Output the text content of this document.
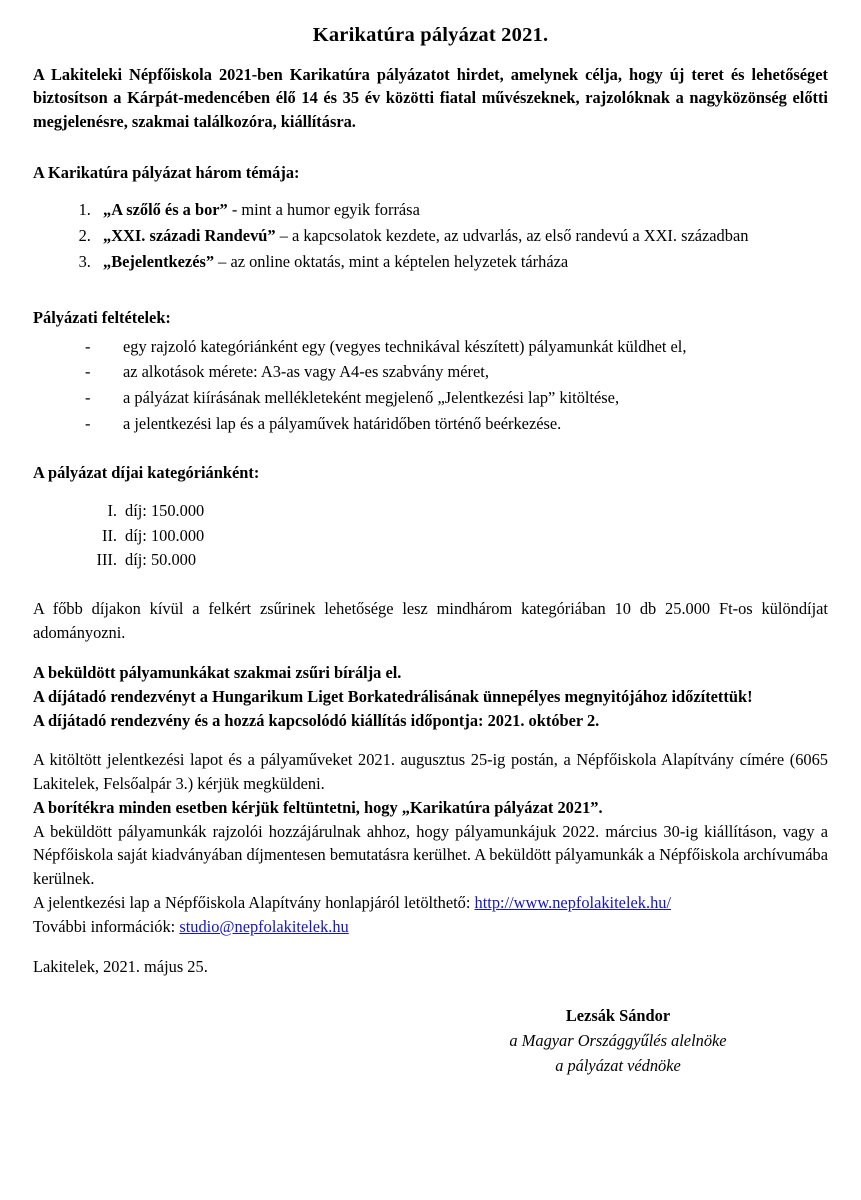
Karikatúra pályázat 2021.

A Lakiteleki Népfőiskola 2021-ben Karikatúra pályázatot hirdet, amelynek célja, hogy új teret és lehetőséget biztosítson a Kárpát-medencében élő 14 és 35 év közötti fiatal művészeknek, rajzolóknak a nagyközönség előtti megjelenésre, szakmai találkozóra, kiállításra.

A Karikatúra pályázat három témája:

1. „A szőlő és a bor” - mint a humor egyik forrása
2. „XXI. századi Randevú” – a kapcsolatok kezdete, az udvarlás, az első randevú a XXI. században
3. „Bejelentkezés” – az online oktatás, mint a képtelen helyzetek tárháza

Pályázati feltételek:

- egy rajzoló kategóriánként egy (vegyes technikával készített) pályamunkát küldhet el,
- az alkotások mérete: A3-as vagy A4-es szabvány méret,
- a pályázat kiírásának mellékleteként megjelenő „Jelentkezési lap” kitöltése,
- a jelentkezési lap és a pályaművek határidőben történő beérkezése.

A pályázat díjai kategóriánként:

I. díj: 150.000
II. díj: 100.000
III. díj: 50.000

A főbb díjakon kívül a felkért zsűrinek lehetősége lesz mindhárom kategóriában 10 db 25.000 Ft-os különdíjat adományozni.

A beküldött pályamunkákat szakmai zsűri bírálja el.

A díjátadó rendezvényt a Hungarikum Liget Borkatedrálisának ünnepélyes megnyitójához időzítettük!

A díjátadó rendezvény és a hozzá kapcsolódó kiállítás időpontja: 2021. október 2.

A kitöltött jelentkezési lapot és a pályaműveket 2021. augusztus 25-ig postán, a Népfőiskola Alapítvány címére (6065 Lakitelek, Felsőalpár 3.) kérjük megküldeni.

A borítékra minden esetben kérjük feltüntetni, hogy „Karikatúra pályázat 2021”.

A beküldött pályamunkák rajzolói hozzájárulnak ahhoz, hogy pályamunkájuk 2022. március 30-ig kiállításon, vagy a Népfőiskola saját kiadványában díjmentesen bemutatásra kerülhet. A beküldött pályamunkák a Népfőiskola archívumába kerülnek.

A jelentkezési lap a Népfőiskola Alapítvány honlapjáról letölthető: http://www.nepfolakitelek.hu/

További információk: studio@nepfolakitelek.hu

Lakitelek, 2021. május 25.

Lezsák Sándor
a Magyar Országgyűlés alelnöke
a pályázat védnöke
